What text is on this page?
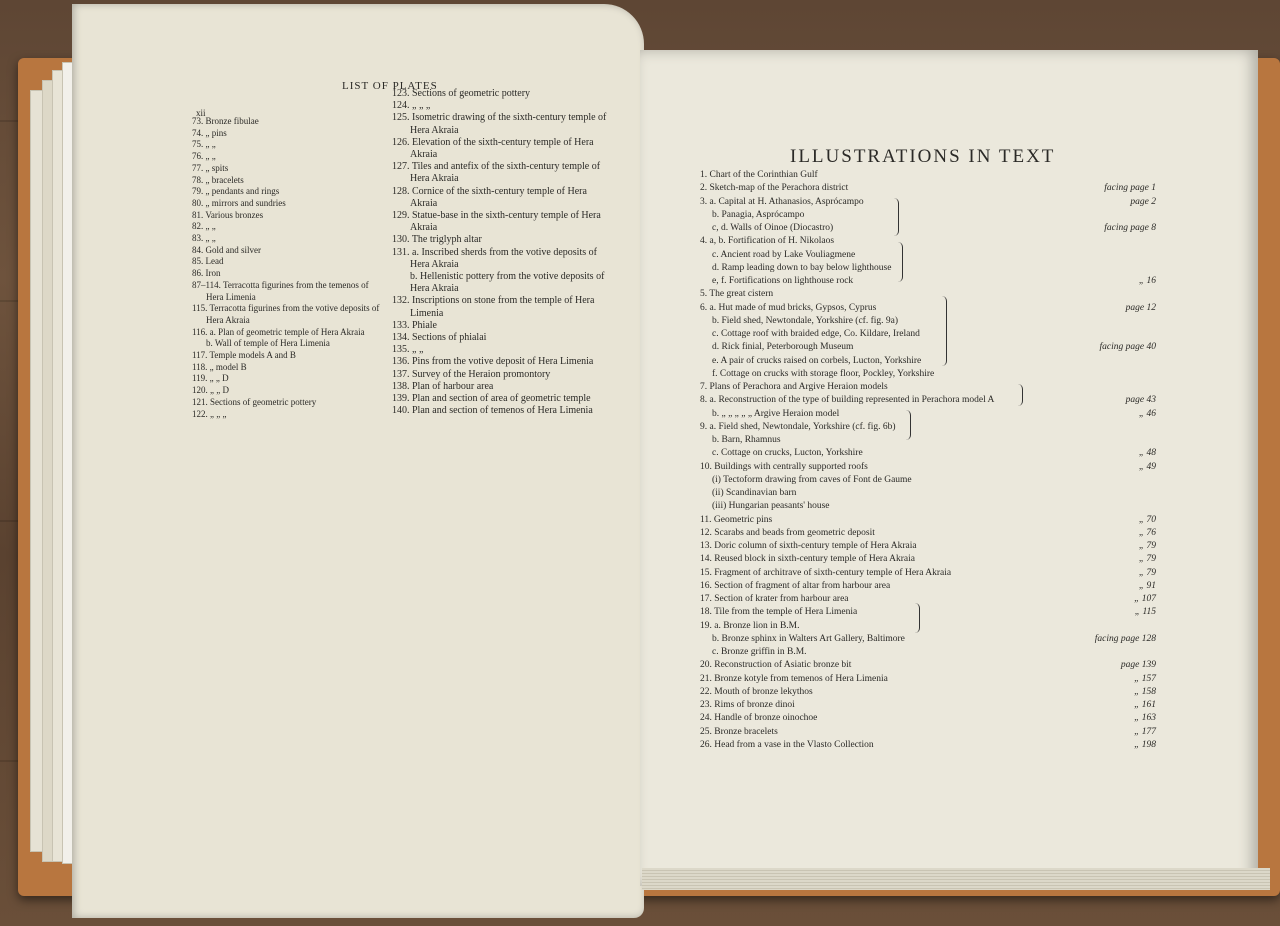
LIST OF PLATES
xii
73. Bronze fibulae
74. „ pins
75. „ „
76. „ „
77. „ spits
78. „ bracelets
79. „ pendants and rings
80. „ mirrors and sundries
81. Various bronzes
82. „ „
83. „ „
84. Gold and silver
85. Lead
86. Iron
87–114. Terracotta figurines from the temenos of
Hera Limenia
115. Terracotta figurines from the votive deposits of
Hera Akraia
116. a. Plan of geometric temple of Hera Akraia
b. Wall of temple of Hera Limenia
117. Temple models A and B
118. „ model B
119. „ „ D
120. „ „ D
121. Sections of geometric pottery
122. „ „ „
123. Sections of geometric pottery
124. „ „ „
125. Isometric drawing of the sixth-century temple of
Hera Akraia
126. Elevation of the sixth-century temple of Hera
Akraia
127. Tiles and antefix of the sixth-century temple of
Hera Akraia
128. Cornice of the sixth-century temple of Hera
Akraia
129. Statue-base in the sixth-century temple of Hera
Akraia
130. The triglyph altar
131. a. Inscribed sherds from the votive deposits of
Hera Akraia
b. Hellenistic pottery from the votive deposits of
Hera Akraia
132. Inscriptions on stone from the temple of Hera
Limenia
133. Phiale
134. Sections of phialai
135. „ „
136. Pins from the votive deposit of Hera Limenia
137. Survey of the Heraion promontory
138. Plan of harbour area
139. Plan and section of area of geometric temple
140. Plan and section of temenos of Hera Limenia
ILLUSTRATIONS IN TEXT
1. Chart of the Corinthian Gulf
2. Sketch-map of the Perachora district
3. a. Capital at H. Athanasios, Asprócampo
b. Panagia, Asprócampo
c, d. Walls of Oinoe (Diocastro)
4. a, b. Fortification of H. Nikolaos
c. Ancient road by Lake Vouliagmene
d. Ramp leading down to bay below lighthouse
e, f. Fortifications on lighthouse rock
5. The great cistern
6. a. Hut made of mud bricks, Gypsos, Cyprus
b. Field shed, Newtondale, Yorkshire (cf. fig. 9a)
c. Cottage roof with braided edge, Co. Kildare, Ireland
d. Rick finial, Peterborough Museum
e. A pair of crucks raised on corbels, Lucton, Yorkshire
f. Cottage on crucks with storage floor, Pockley, Yorkshire
7. Plans of Perachora and Argive Heraion models
8. a. Reconstruction of the type of building represented in Perachora model A
b. „ „ „ „ „ Argive Heraion model
9. a. Field shed, Newtondale, Yorkshire (cf. fig. 6b)
b. Barn, Rhamnus
c. Cottage on crucks, Lucton, Yorkshire
10. Buildings with centrally supported roofs
(i) Tectoform drawing from caves of Font de Gaume
(ii) Scandinavian barn
(iii) Hungarian peasants' house
11. Geometric pins
12. Scarabs and beads from geometric deposit
13. Doric column of sixth-century temple of Hera Akraia
14. Reused block in sixth-century temple of Hera Akraia
15. Fragment of architrave of sixth-century temple of Hera Akraia
16. Section of fragment of altar from harbour area
17. Section of krater from harbour area
18. Tile from the temple of Hera Limenia
19. a. Bronze lion in B.M.
b. Bronze sphinx in Walters Art Gallery, Baltimore
c. Bronze griffin in B.M.
20. Reconstruction of Asiatic bronze bit
21. Bronze kotyle from temenos of Hera Limenia
22. Mouth of bronze lekythos
23. Rims of bronze dinoi
24. Handle of bronze oinochoe
25. Bronze bracelets
26. Head from a vase in the Vlasto Collection
facing page 1
page 2
facing page 8
„ 16
page 12
facing page 40
page 43
„ 46
„ 48
„ 49
„ 70
„ 76
„ 79
„ 79
„ 79
„ 91
„ 107
„ 115
facing page 128
page 139
„ 157
„ 158
„ 161
„ 163
„ 177
„ 198
